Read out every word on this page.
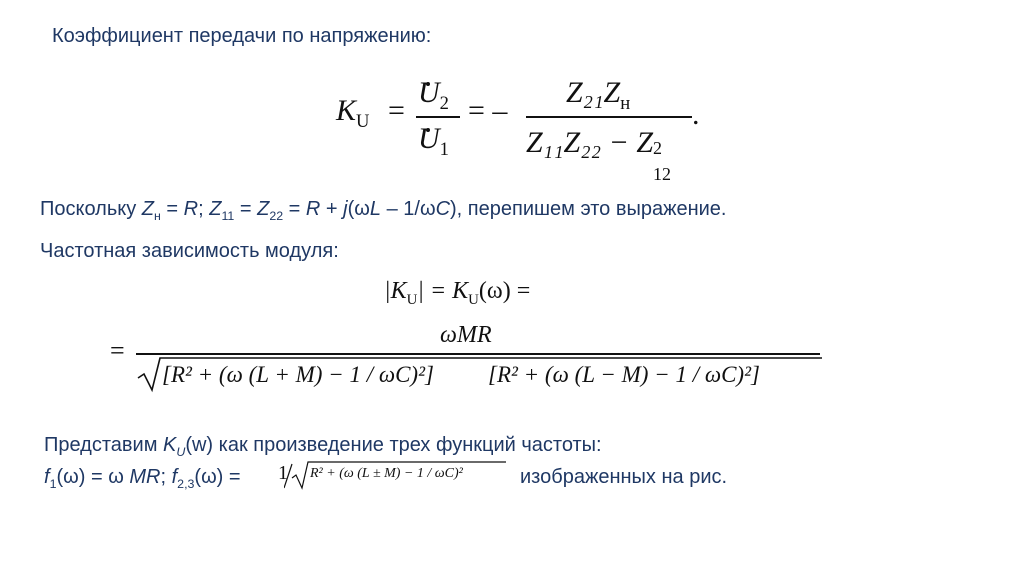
Коэффициент передачи по напряжению:
$K_U$ =
$U_2$
$U_1$
= –
$Z_{21}Z_н$
Z₁₁Z₂₂ − Z 2
12
.
Поскольку $Z_н = R$; $Z_{11} = Z_{22} = R + j(\omega L - 1/\omega C)$, перепишем это выражение.
Частотная зависимость модуля:
$|K_U| = K_U(\omega)$ =
=
ωMR
[R² + (ω (L + M) − 1 / ωC)²] [R² + (ω (L − M) − 1 / ωC)²]
Представим $K_U(w)$ как произведение трех функций частоты:
$f_1(\omega) = \omega$ MR; $f_{2,3}(\omega) = 1$ R² + (ω (L ± M) − 1 / ωC)²	изображенных на рис.
